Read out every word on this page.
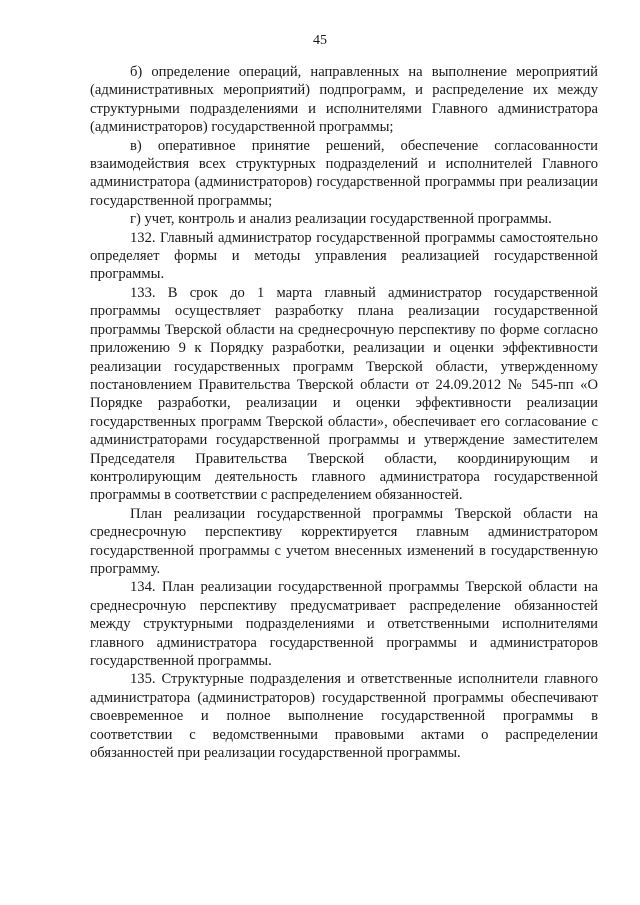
45

б) определение операций, направленных на выполнение мероприятий (административных мероприятий) подпрограмм, и распределение их между структурными подразделениями и исполнителями Главного администратора (администраторов) государственной программы;

в) оперативное принятие решений, обеспечение согласованности взаимодействия всех структурных подразделений и исполнителей Главного администратора (администраторов) государственной программы при реализации государственной программы;

г) учет, контроль и анализ реализации государственной программы.

132. Главный администратор государственной программы самостоятельно определяет формы и методы управления реализацией государственной программы.

133. В срок до 1 марта главный администратор государственной программы осуществляет разработку плана реализации государственной программы Тверской области на среднесрочную перспективу по форме согласно приложению 9 к Порядку разработки, реализации и оценки эффективности реализации государственных программ Тверской области, утвержденному постановлением Правительства Тверской области от 24.09.2012 № 545-пп «О Порядке разработки, реализации и оценки эффективности реализации государственных программ Тверской области», обеспечивает его согласование с администраторами государственной программы и утверждение заместителем Председателя Правительства Тверской области, координирующим и контролирующим деятельность главного администратора государственной программы в соответствии с распределением обязанностей.

План реализации государственной программы Тверской области на среднесрочную перспективу корректируется главным администратором государственной программы с учетом внесенных изменений в государственную программу.

134. План реализации государственной программы Тверской области на среднесрочную перспективу предусматривает распределение обязанностей между структурными подразделениями и ответственными исполнителями главного администратора государственной программы и администраторов государственной программы.

135. Структурные подразделения и ответственные исполнители главного администратора (администраторов) государственной программы обеспечивают своевременное и полное выполнение государственной программы в соответствии с ведомственными правовыми актами о распределении обязанностей при реализации государственной программы.
